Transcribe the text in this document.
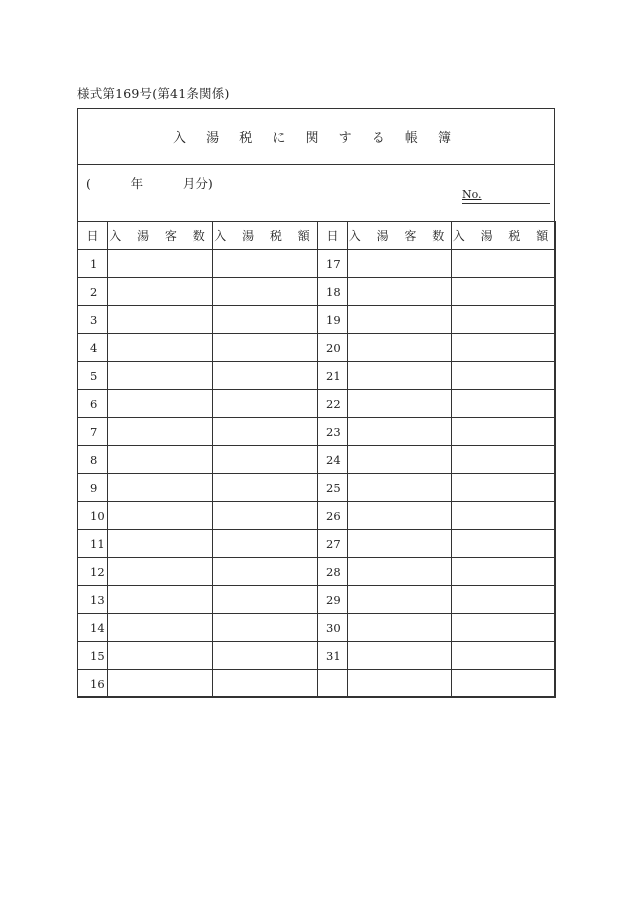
様式第169号(第41条関係)
入 湯 税 に 関 す る 帳 簿
(          年          月分)
No.
日	入 湯 客 数	入 湯 税 額	日	入 湯 客 数	入 湯 税 額
1			17		
2			18		
3			19		
4			20		
5			21		
6			22		
7			23		
8			24		
9			25		
10			26		
11			27		
12			28		
13			29		
14			30		
15			31		
16					
